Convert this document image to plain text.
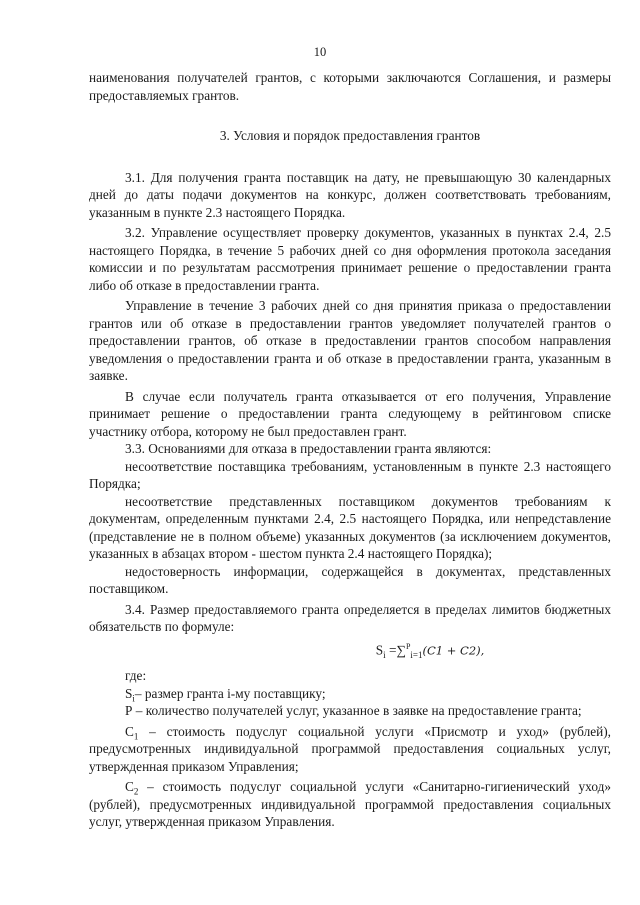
10

наименования получателей грантов, с которыми заключаются Соглашения, и размеры предоставляемых грантов.

3. Условия и порядок предоставления грантов

3.1. Для получения гранта поставщик на дату, не превышающую 30 календарных дней до даты подачи документов на конкурс, должен соответствовать требованиям, указанным в пункте 2.3 настоящего Порядка.

3.2. Управление осуществляет проверку документов, указанных в пунктах 2.4, 2.5 настоящего Порядка, в течение 5 рабочих дней со дня оформления протокола заседания комиссии и по результатам рассмотрения принимает решение о предоставлении гранта либо об отказе в предоставлении гранта.

Управление в течение 3 рабочих дней со дня принятия приказа о предоставлении грантов или об отказе в предоставлении грантов уведомляет получателей грантов о предоставлении грантов, об отказе в предоставлении грантов способом направления уведомления о предоставлении гранта и об отказе в предоставлении гранта, указанным в заявке.

В случае если получатель гранта отказывается от его получения, Управление принимает решение о предоставлении гранта следующему в рейтинговом списке участнику отбора, которому не был предоставлен грант.

3.3. Основаниями для отказа в предоставлении гранта являются:

несоответствие поставщика требованиям, установленным в пункте 2.3 настоящего Порядка;

несоответствие представленных поставщиком документов требованиям к документам, определенным пунктами 2.4, 2.5 настоящего Порядка, или непредставление (представление не в полном объеме) указанных документов (за исключением документов, указанных в абзацах втором - шестом пункта 2.4 настоящего Порядка);

недостоверность информации, содержащейся в документах, представленных поставщиком.

3.4. Размер предоставляемого гранта определяется в пределах лимитов бюджетных обязательств по формуле:

$S_i =\sum^P_{i=1}(C1 + C2)$,

где:

$S_i-$ размер гранта i-му поставщику;

Р – количество получателей услуг, указанное в заявке на предоставление гранта;

$С_1$ – стоимость подуслуг социальной услуги «Присмотр и уход» (рублей), предусмотренных индивидуальной программой предоставления социальных услуг, утвержденная приказом Управления;

$С_2$ – стоимость подуслуг социальной услуги «Санитарно-гигиенический уход» (рублей), предусмотренных индивидуальной программой предоставления социальных услуг, утвержденная приказом Управления.
